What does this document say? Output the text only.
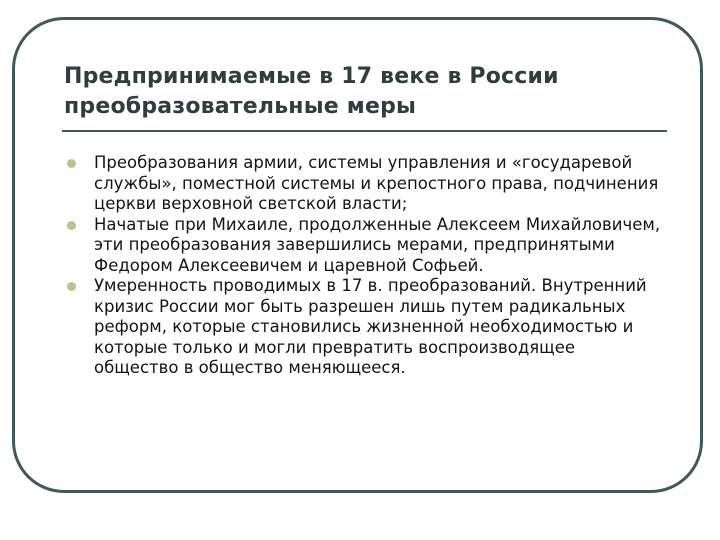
Предпринимаемые в 17 веке в России преобразовательные меры
Преобразования армии, системы управления и «государевой службы», поместной системы и крепостного права, подчинения церкви верховной светской власти;
Начатые при Михаиле, продолженные Алексеем Михайловичем, эти преобразования завершились мерами, предпринятыми Федором Алексеевичем и царевной Софьей.
Умеренность проводимых в 17 в. преобразований. Внутренний кризис России мог быть разрешен лишь путем радикальных реформ, которые становились жизненной необходимостью и которые только и могли превратить воспроизводящее общество в общество меняющееся.
